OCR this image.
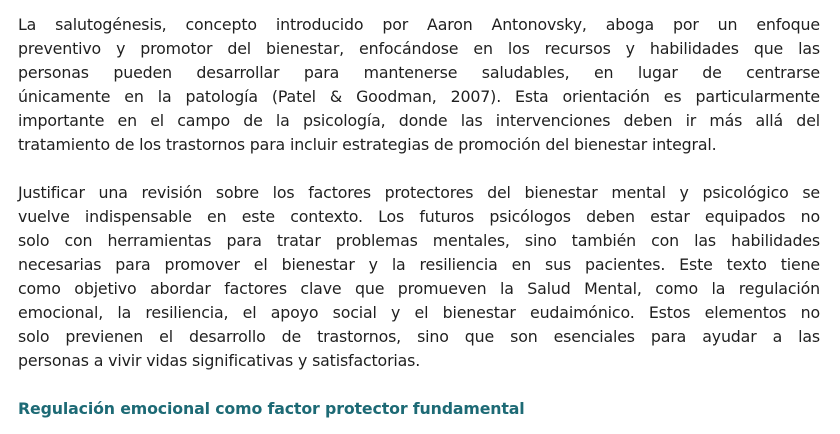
La salutogénesis, concepto introducido por Aaron Antonovsky, aboga por un enfoque
preventivo y promotor del bienestar, enfocándose en los recursos y habilidades que las
personas pueden desarrollar para mantenerse saludables, en lugar de centrarse
únicamente en la patología (Patel & Goodman, 2007). Esta orientación es particularmente
importante en el campo de la psicología, donde las intervenciones deben ir más allá del
tratamiento de los trastornos para incluir estrategias de promoción del bienestar integral.
Justificar una revisión sobre los factores protectores del bienestar mental y psicológico se
vuelve indispensable en este contexto. Los futuros psicólogos deben estar equipados no
solo con herramientas para tratar problemas mentales, sino también con las habilidades
necesarias para promover el bienestar y la resiliencia en sus pacientes. Este texto tiene
como objetivo abordar factores clave que promueven la Salud Mental, como la regulación
emocional, la resiliencia, el apoyo social y el bienestar eudaimónico. Estos elementos no
solo previenen el desarrollo de trastornos, sino que son esenciales para ayudar a las
personas a vivir vidas significativas y satisfactorias.
Regulación emocional como factor protector fundamental
